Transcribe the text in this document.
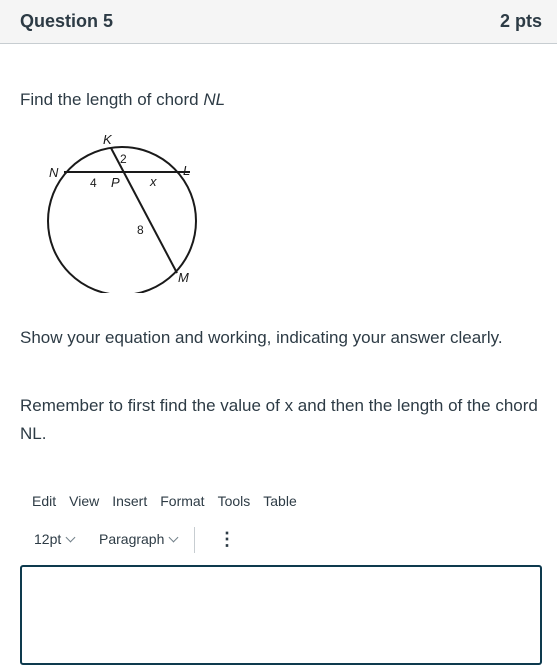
Question 5	2 pts
Find the length of chord NL
K
N	L
P
M
x
2
4
8
Show your equation and working, indicating your answer clearly.
Remember to first find the value of x and then the length of the chord NL.
Edit View Insert Format Tools Table
12pt	Paragraph	⋮
